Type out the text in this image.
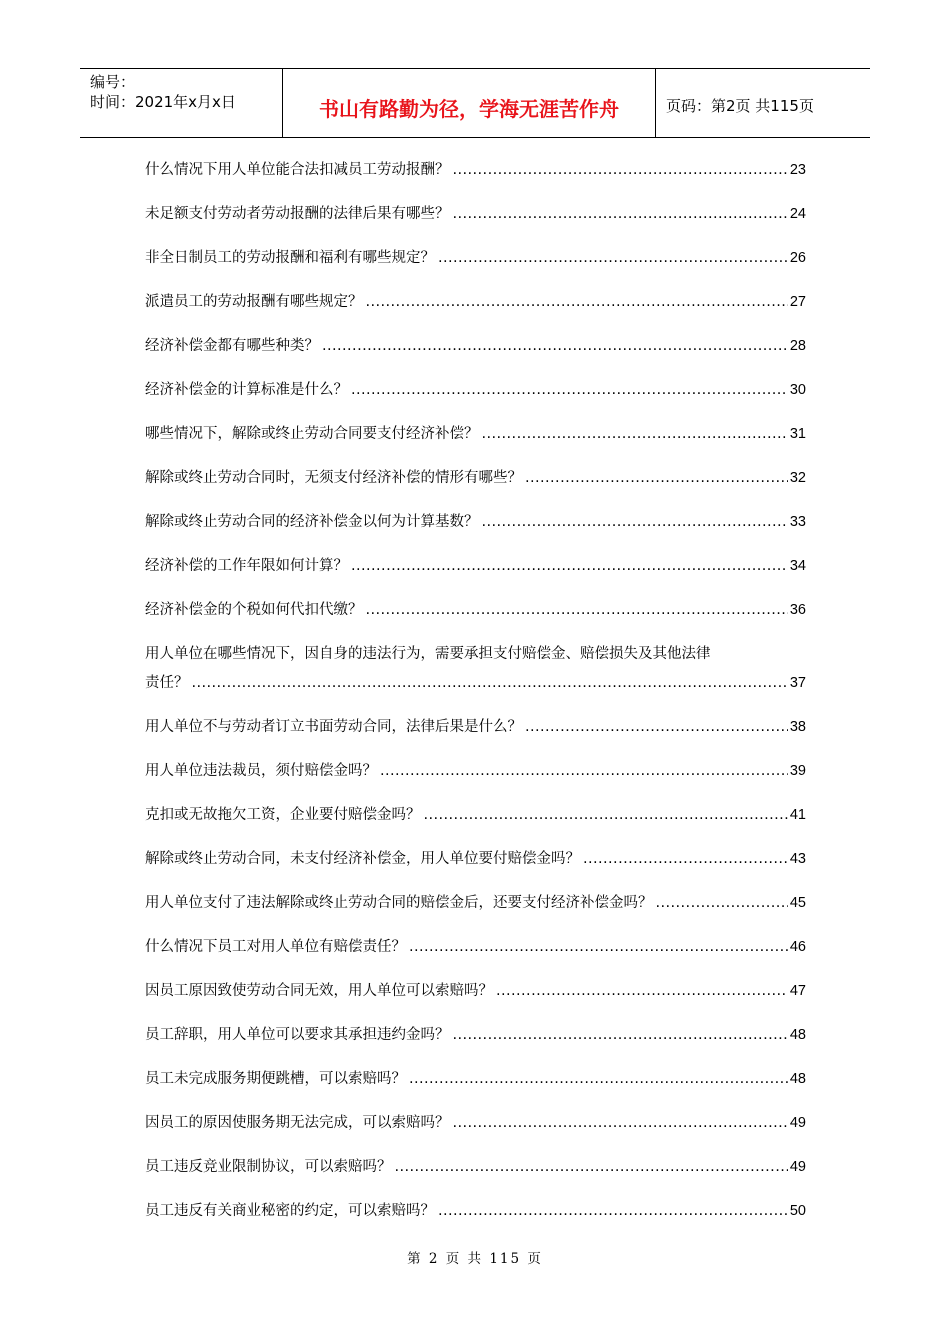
编号：
时间：2021年x月x日	书山有路勤为径，学海无涯苦作舟	页码：第2页 共115页
什么情况下用人单位能合法扣减员工劳动报酬？ .....	23
未足额支付劳动者劳动报酬的法律后果有哪些？ .....	24
非全日制员工的劳动报酬和福利有哪些规定？ .....	26
派遣员工的劳动报酬有哪些规定？ .....	27
经济补偿金都有哪些种类？ .....	28
经济补偿金的计算标准是什么？ .....	30
哪些情况下，解除或终止劳动合同要支付经济补偿？ .....	31
解除或终止劳动合同时，无须支付经济补偿的情形有哪些？ .....	32
解除或终止劳动合同的经济补偿金以何为计算基数？ .....	33
经济补偿的工作年限如何计算？ .....	34
经济补偿金的个税如何代扣代缴？ .....	36
用人单位在哪些情况下，因自身的违法行为，需要承担支付赔偿金、赔偿损失及其他法律
责任？ .....	37
用人单位不与劳动者订立书面劳动合同，法律后果是什么？ .....	38
用人单位违法裁员，须付赔偿金吗？ .....	39
克扣或无故拖欠工资，企业要付赔偿金吗？ .....	41
解除或终止劳动合同，未支付经济补偿金，用人单位要付赔偿金吗？ .....	43
用人单位支付了违法解除或终止劳动合同的赔偿金后，还要支付经济补偿金吗？ .....	45
什么情况下员工对用人单位有赔偿责任？ .....	46
因员工原因致使劳动合同无效，用人单位可以索赔吗？ .....	47
员工辞职，用人单位可以要求其承担违约金吗？ .....	48
员工未完成服务期便跳槽，可以索赔吗？ .....	48
因员工的原因使服务期无法完成，可以索赔吗？ .....	49
员工违反竞业限制协议，可以索赔吗？ .....	49
员工违反有关商业秘密的约定，可以索赔吗？ .....	50
第 2 页 共 115 页
